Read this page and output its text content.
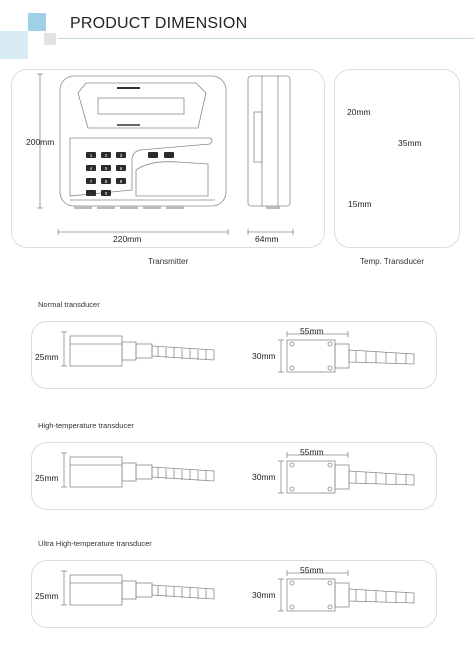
PRODUCT DIMENSION
1	2	3
4	5	6
7	8	9
0
.
200mm
220mm	64mm
Transmitter
20mm
35mm
15mm
Temp. Transducer
Normal transducer
25mm
55mm
30mm
High-temperature transducer
25mm
55mm
30mm
Ultra High-temperature transducer
25mm
55mm
30mm
